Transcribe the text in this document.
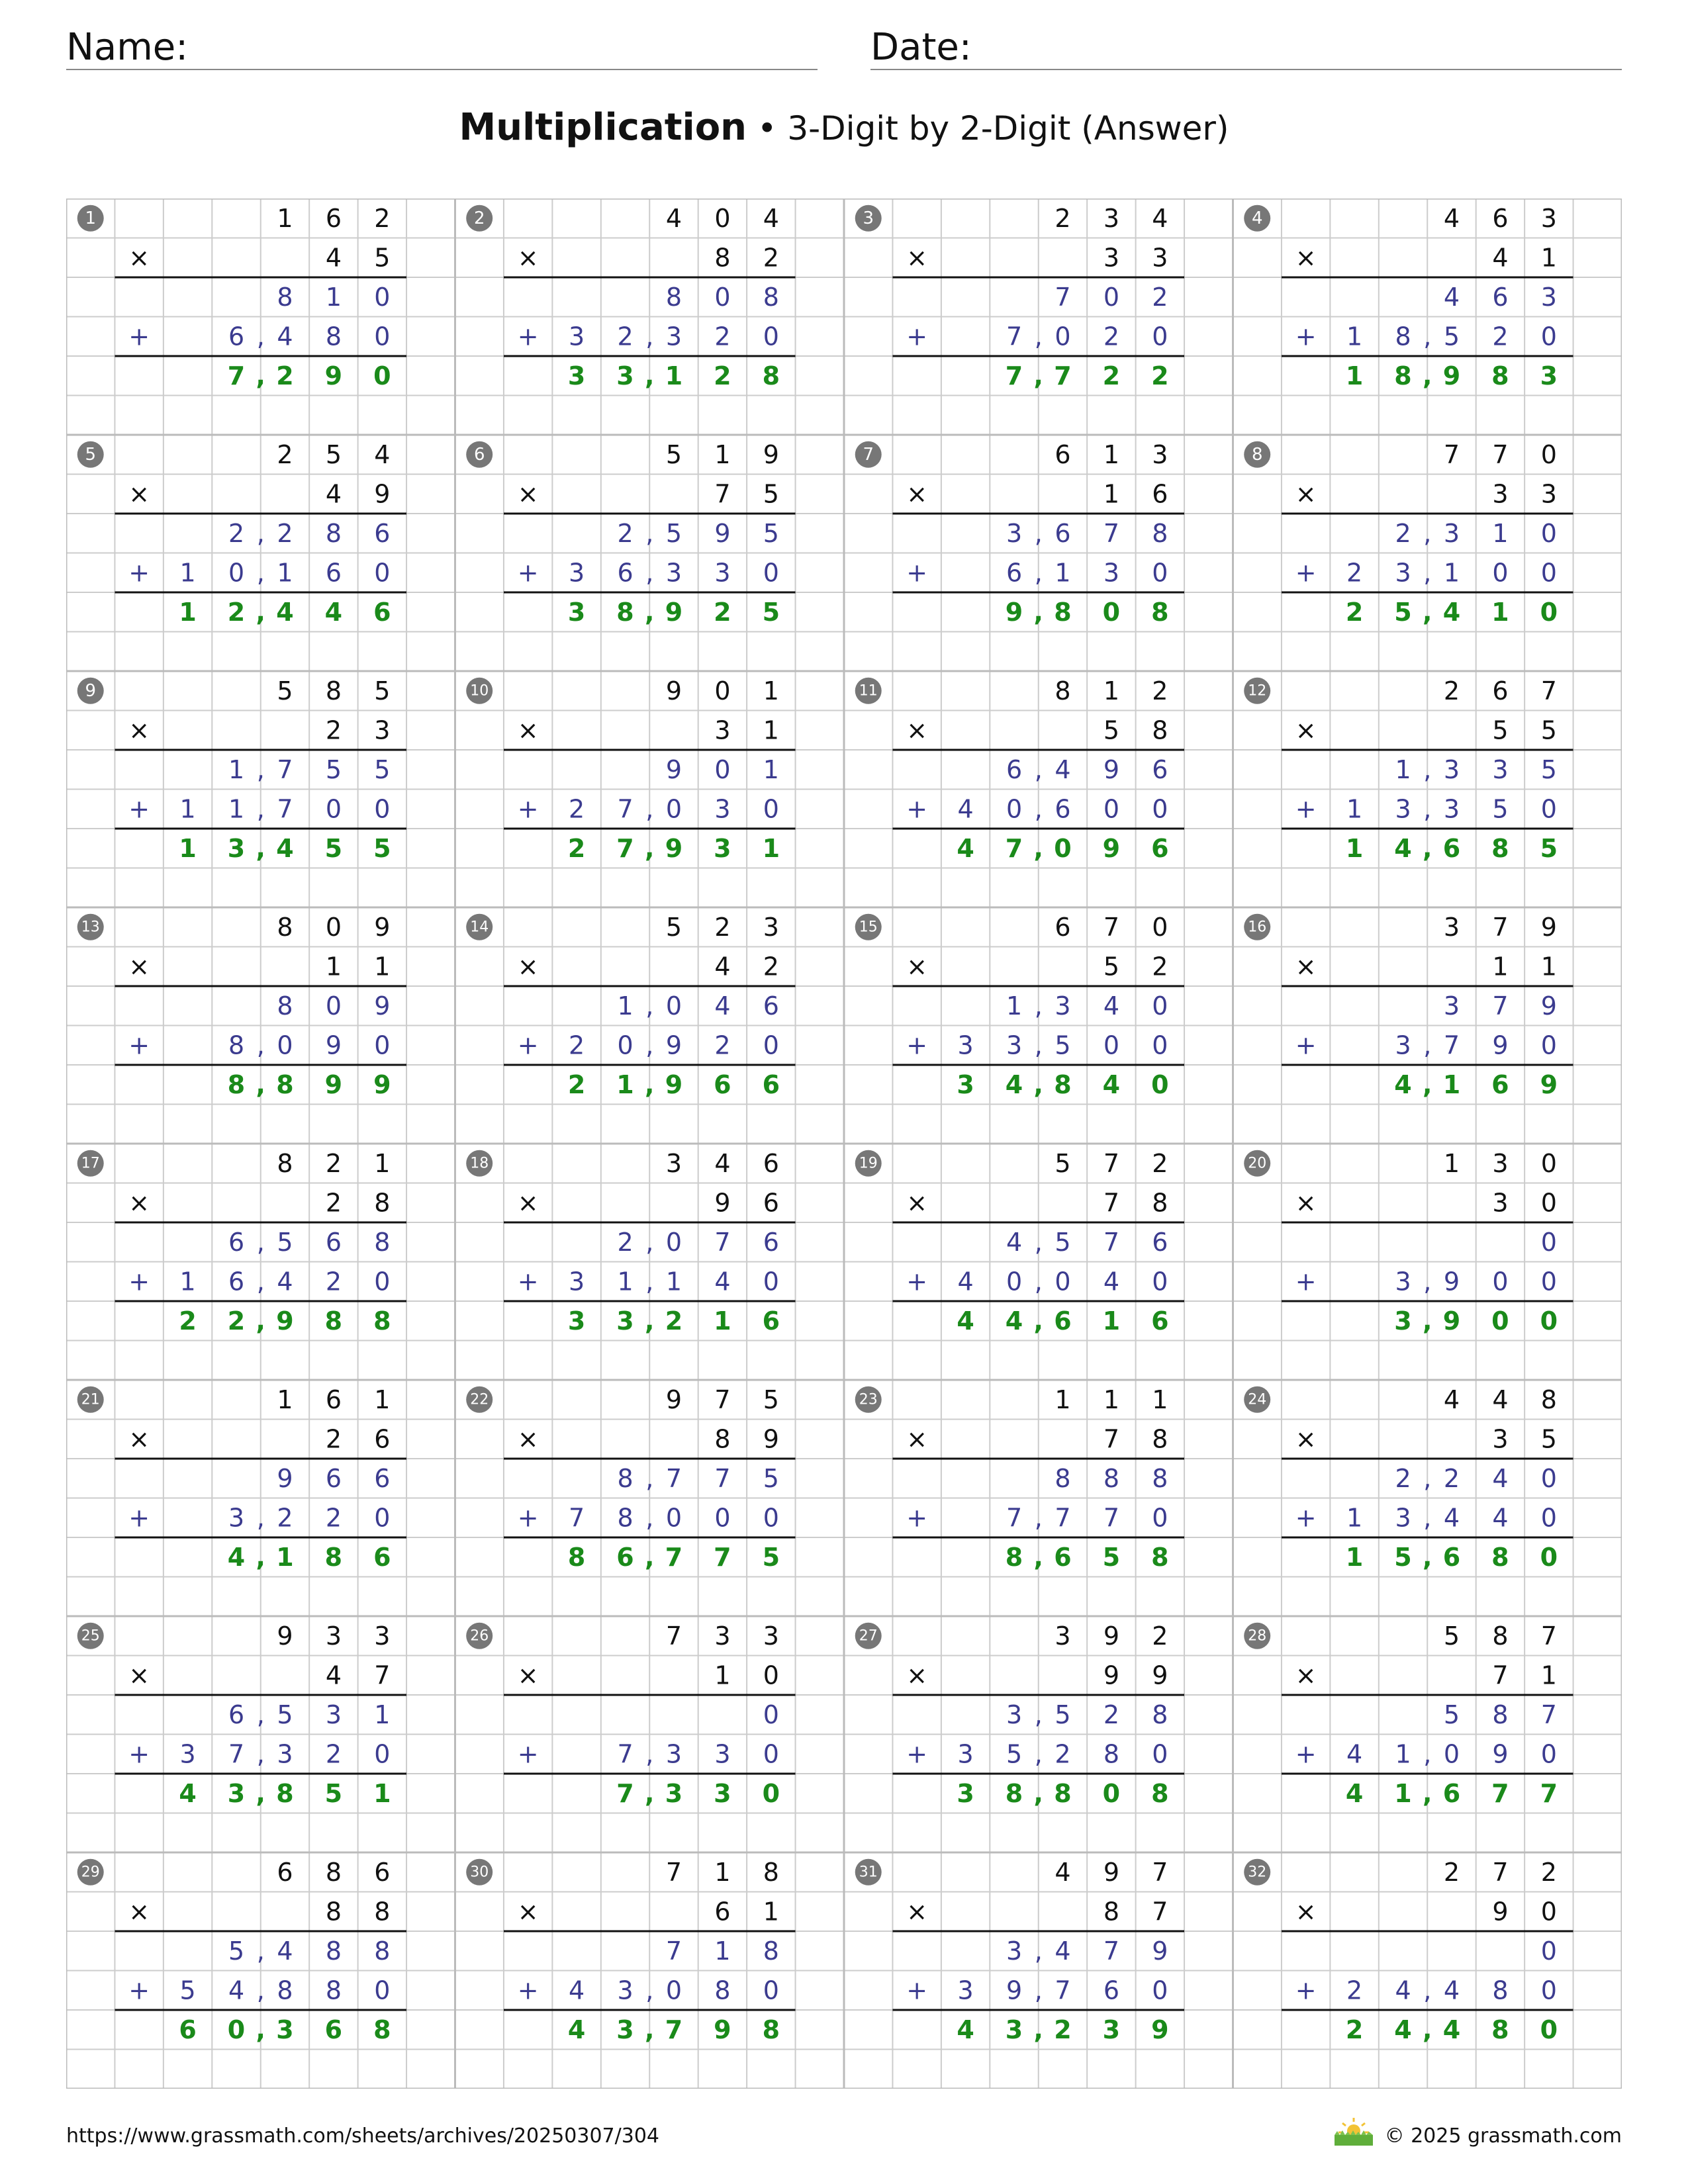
Name:	Date:
Multiplication • 3-Digit by 2-Digit (Answer)
1	1 6 2
×	4 5
8 1 0
+	6 , 4 8 0
7 , 2 9 0
2	4 0 4
×	8 2
8 0 8
+ 3 2 , 3 2 0
3 3 , 1 2 8
3	2 3 4
×	3 3
7 0 2
+	7 , 0 2 0
7 , 7 2 2
4	4 6 3
×	4 1
4 6 3
+ 1 8 , 5 2 0
1 8 , 9 8 3
5	2 5 4
×	4 9
2 , 2 8 6
+ 1 0 , 1 6 0
1 2 , 4 4 6
6	5 1 9
×	7 5
2 , 5 9 5
+ 3 6 , 3 3 0
3 8 , 9 2 5
7	6 1 3
×	1 6
3 , 6 7 8
+	6 , 1 3 0
9 , 8 0 8
8	7 7 0
×	3 3
2 , 3 1 0
+ 2 3 , 1 0 0
2 5 , 4 1 0
9	5 8 5
×	2 3
1 , 7 5 5
+ 1 1 , 7 0 0
1 3 , 4 5 5
10	9 0 1
×	3 1
9 0 1
+ 2 7 , 0 3 0
2 7 , 9 3 1
11	8 1 2
×	5 8
6 , 4 9 6
+ 4 0 , 6 0 0
4 7 , 0 9 6
12	2 6 7
×	5 5
1 , 3 3 5
+ 1 3 , 3 5 0
1 4 , 6 8 5
13	8 0 9
×	1 1
8 0 9
+	8 , 0 9 0
8 , 8 9 9
14	5 2 3
×	4 2
1 , 0 4 6
+ 2 0 , 9 2 0
2 1 , 9 6 6
15	6 7 0
×	5 2
1 , 3 4 0
+ 3 3 , 5 0 0
3 4 , 8 4 0
16	3 7 9
×	1 1
3 7 9
+	3 , 7 9 0
4 , 1 6 9
17	8 2 1
×	2 8
6 , 5 6 8
+ 1 6 , 4 2 0
2 2 , 9 8 8
18	3 4 6
×	9 6
2 , 0 7 6
+ 3 1 , 1 4 0
3 3 , 2 1 6
19	5 7 2
×	7 8
4 , 5 7 6
+ 4 0 , 0 4 0
4 4 , 6 1 6
20	1 3 0
×	3 0
0
+	3 , 9 0 0
3 , 9 0 0
21	1 6 1
×	2 6
9 6 6
+	3 , 2 2 0
4 , 1 8 6
22	9 7 5
×	8 9
8 , 7 7 5
+ 7 8 , 0 0 0
8 6 , 7 7 5
23	1 1 1
×	7 8
8 8 8
+	7 , 7 7 0
8 , 6 5 8
24	4 4 8
×	3 5
2 , 2 4 0
+ 1 3 , 4 4 0
1 5 , 6 8 0
25	9 3 3
×	4 7
6 , 5 3 1
+ 3 7 , 3 2 0
4 3 , 8 5 1
26	7 3 3
×	1 0
0
+	7 , 3 3 0
7 , 3 3 0
27	3 9 2
×	9 9
3 , 5 2 8
+ 3 5 , 2 8 0
3 8 , 8 0 8
28	5 8 7
×	7 1
5 8 7
+ 4 1 , 0 9 0
4 1 , 6 7 7
29	6 8 6
×	8 8
5 , 4 8 8
+ 5 4 , 8 8 0
6 0 , 3 6 8
30	7 1 8
×	6 1
7 1 8
+ 4 3 , 0 8 0
4 3 , 7 9 8
31	4 9 7
×	8 7
3 , 4 7 9
+ 3 9 , 7 6 0
4 3 , 2 3 9
32	2 7 2
×	9 0
0
+ 2 4 , 4 8 0
2 4 , 4 8 0
https://www.grassmath.com/sheets/archives/20250307/304	© 2025 grassmath.com
